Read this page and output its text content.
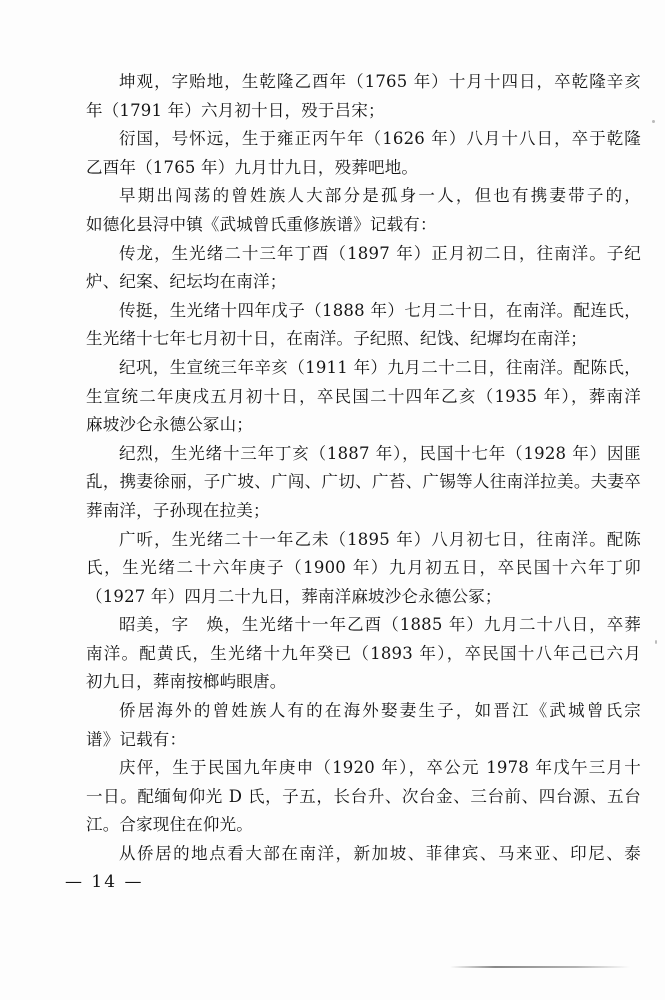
坤观，字贻地，生乾隆乙酉年（1765 年）十月十四日，卒乾隆辛亥
年（1791 年）六月初十日，殁于吕宋；
衍国，号怀远，生于雍正丙午年（1626 年）八月十八日，卒于乾隆
乙酉年（1765 年）九月廿九日，殁葬吧地。
早期出闯荡的曾姓族人大部分是孤身一人，但也有携妻带子的，
如德化县浔中镇《武城曾氏重修族谱》记载有：
传龙，生光绪二十三年丁酉（1897 年）正月初二日，往南洋。子纪
炉、纪案、纪坛均在南洋；
传挺，生光绪十四年戊子（1888 年）七月二十日，在南洋。配连氏，
生光绪十七年七月初十日，在南洋。子纪照、纪饯、纪墀均在南洋；
纪巩，生宣统三年辛亥（1911 年）九月二十二日，往南洋。配陈氏，
生宣统二年庚戌五月初十日，卒民国二十四年乙亥（1935 年），葬南洋
麻坡沙仑永德公冢山；
纪烈，生光绪十三年丁亥（1887 年），民国十七年（1928 年）因匪
乱，携妻徐丽，子广坡、广闯、广切、广苔、广锡等人往南洋拉美。夫妻卒
葬南洋，子孙现在拉美；
广听，生光绪二十一年乙未（1895 年）八月初七日，往南洋。配陈
氏，生光绪二十六年庚子（1900 年）九月初五日，卒民国十六年丁卯
（1927 年）四月二十九日，葬南洋麻坡沙仑永德公冢；
昭美，字　焕，生光绪十一年乙酉（1885 年）九月二十八日，卒葬
南洋。配黄氏，生光绪十九年癸已（1893 年），卒民国十八年己已六月
初九日，葬南按榔屿眼唐。
侨居海外的曾姓族人有的在海外娶妻生子，如晋江《武城曾氏宗
谱》记载有：
庆伻，生于民国九年庚申（1920 年），卒公元 1978 年戊午三月十
一日。配缅甸仰光 D 氏，子五，长台升、次台金、三台前、四台源、五台
江。合家现住在仰光。
从侨居的地点看大部在南洋，新加坡、菲律宾、马来亚、印尼、泰
— 14 —
